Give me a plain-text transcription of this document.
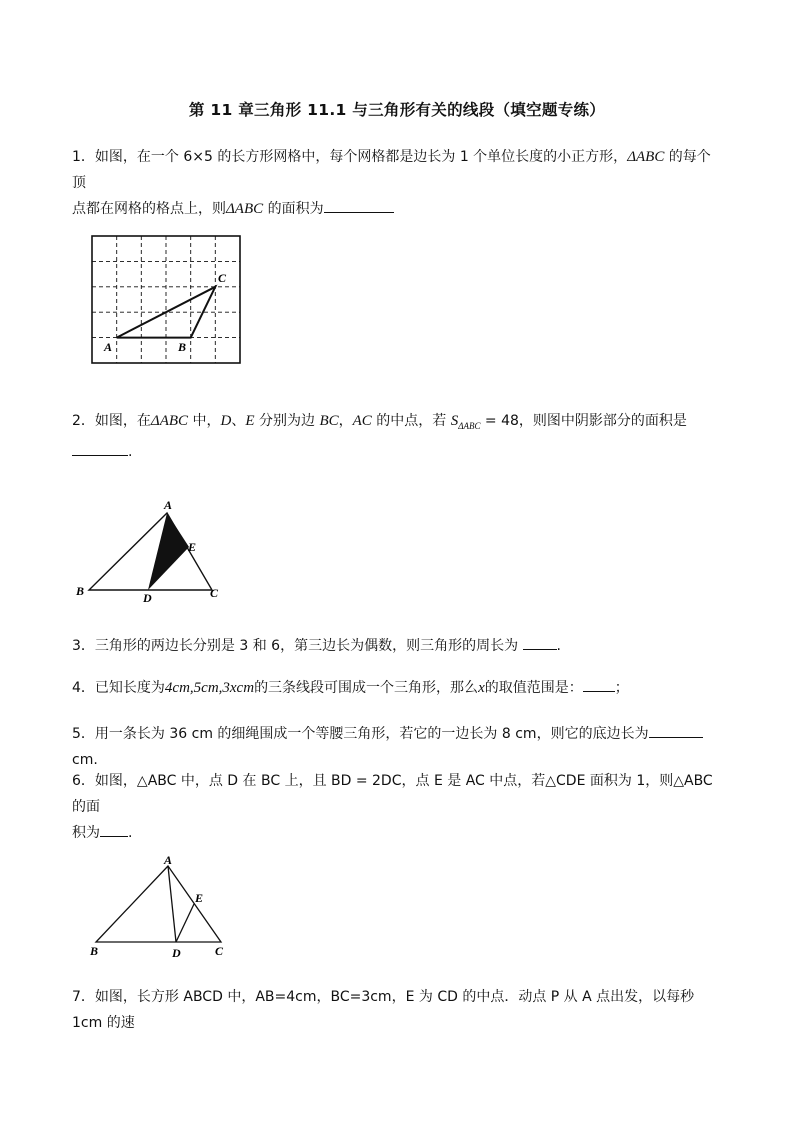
第 11 章三角形 11.1 与三角形有关的线段（填空题专练）
1．如图，在一个 6×5 的长方形网格中，每个网格都是边长为 1 个单位长度的小正方形，ΔABC 的每个顶
点都在网格的格点上，则ΔABC 的面积为
A	B
C
2．如图，在ΔABC 中，D、E 分别为边 BC，AC 的中点，若 $S_{\Delta ABC} = 48$，则图中阴影部分的面积是
.
A
B	C
D
E
3．三角形的两边长分别是 3 和 6，第三边长为偶数，则三角形的周长为 .
4．已知长度为4cm,5cm,3xcm的三条线段可围成一个三角形，那么x的取值范围是： ；
5．用一条长为 36 cm 的细绳围成一个等腰三角形，若它的一边长为 8 cm，则它的底边长为cm.
6．如图，△ABC 中，点 D 在 BC 上，且 BD = 2DC，点 E 是 AC 中点，若△CDE 面积为 1，则△ABC 的面
积为 .
A
B	C
D
E
7．如图，长方形 ABCD 中，AB=4cm，BC=3cm，E 为 CD 的中点．动点 P 从 A 点出发，以每秒 1cm 的速
